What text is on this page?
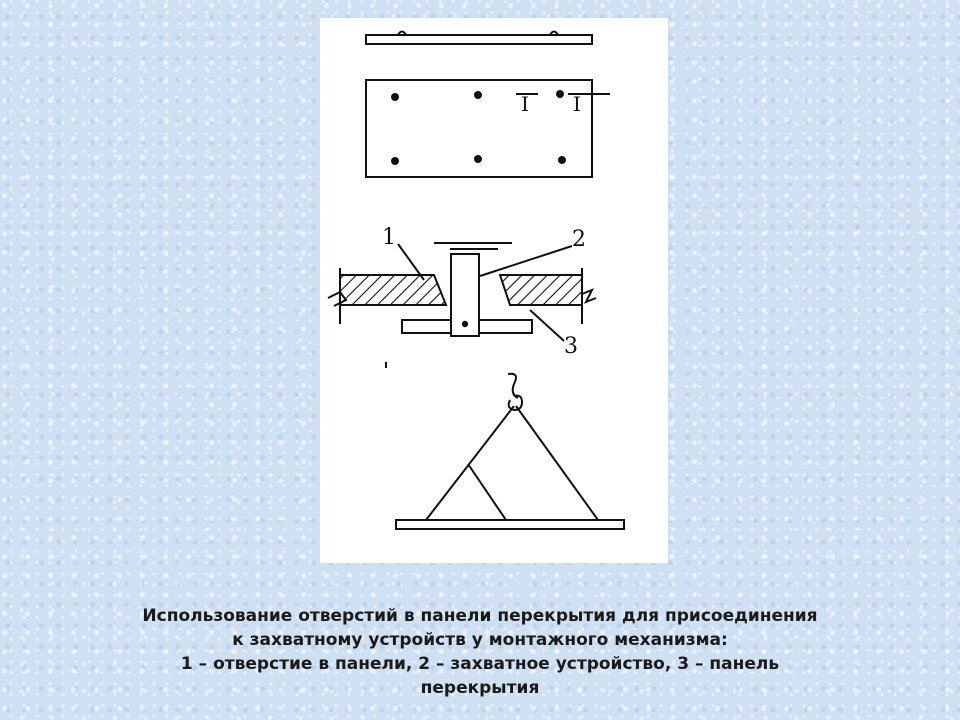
I I
1	2
3
Использование отверстий в панели перекрытия для присоединения
к захватному устройств у монтажного механизма:
1 – отверстие в панели, 2 – захватное устройство, 3 – панель
перекрытия
